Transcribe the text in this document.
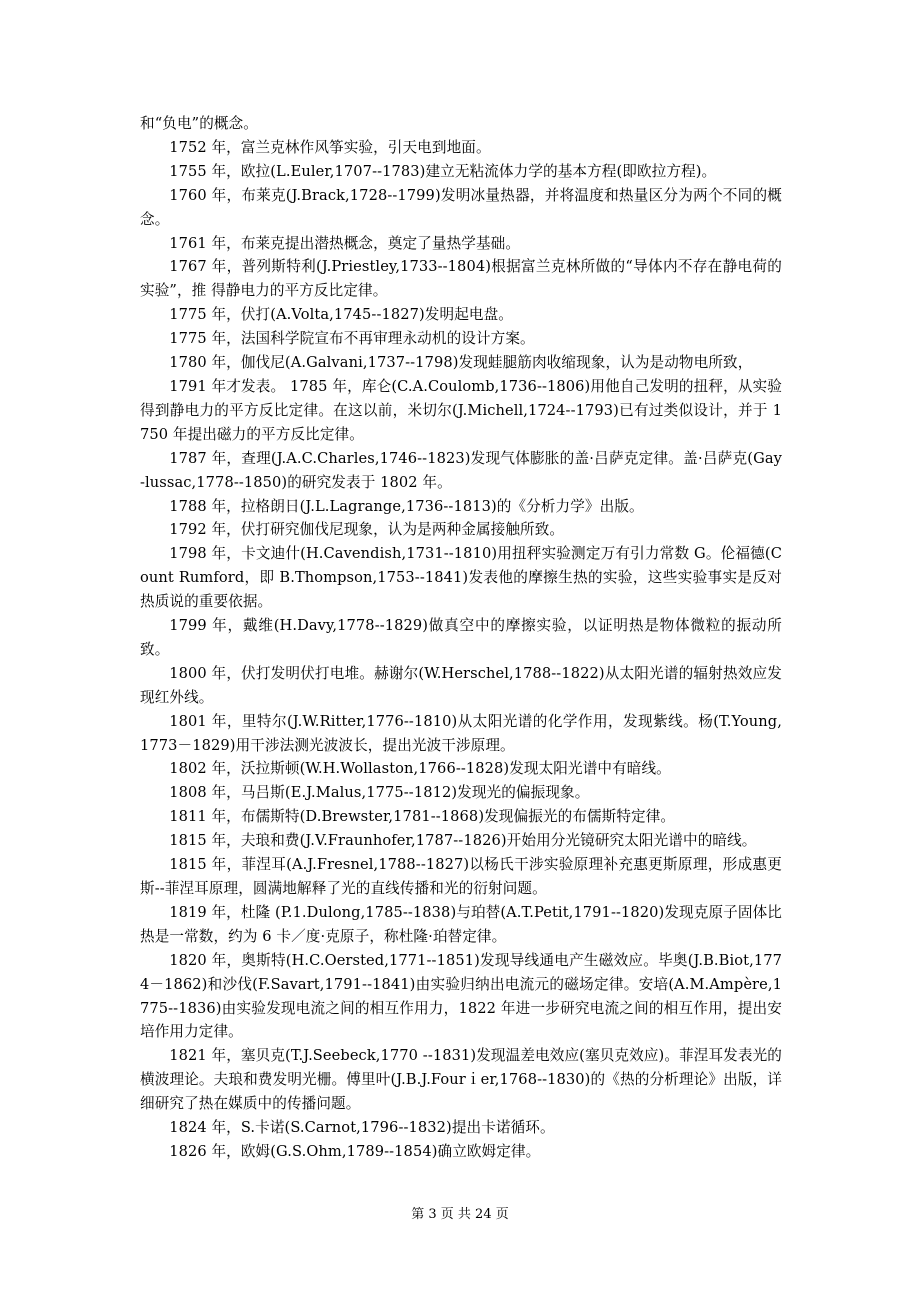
和“负电”的概念。

1752 年，富兰克林作风筝实验，引天电到地面。

1755 年，欧拉(L.Euler,1707--1783)建立无粘流体力学的基本方程(即欧拉方程)。

1760 年，布莱克(J.Brack,1728--1799)发明冰量热器，并将温度和热量区分为两个不同的概念。

1761 年，布莱克提出潜热概念，奠定了量热学基础。

1767 年，普列斯特利(J.Priestley,1733--1804)根据富兰克林所做的“导体内不存在静电荷的实验”，推 得静电力的平方反比定律。

1775 年，伏打(A.Volta,1745--1827)发明起电盘。

1775 年，法国科学院宣布不再审理永动机的设计方案。

1780 年，伽伐尼(A.Galvani,1737--1798)发现蛙腿筋肉收缩现象，认为是动物电所致，

1791 年才发表。 1785 年，库仑(C.A.Coulomb,1736--1806)用他自己发明的扭秤，从实验得到静电力的平方反比定律。在这以前，米切尔(J.Michell,1724--1793)已有过类似设计，并于 1750 年提出磁力的平方反比定律。

1787 年，查理(J.A.C.Charles,1746--1823)发现气体膨胀的盖·吕萨克定律。盖·吕萨克(Gay-lussac,1778--1850)的研究发表于 1802 年。

1788 年，拉格朗日(J.L.Lagrange,1736--1813)的《分析力学》出版。

1792 年，伏打研究伽伐尼现象，认为是两种金属接触所致。

1798 年，卡文迪什(H.Cavendish,1731--1810)用扭秤实验测定万有引力常数 G。伦福德(Count Rumford，即 B.Thompson,1753--1841)发表他的摩擦生热的实验，这些实验事实是反对热质说的重要依据。

1799 年，戴维(H.Davy,1778--1829)做真空中的摩擦实验，以证明热是物体微粒的振动所致。

1800 年，伏打发明伏打电堆。赫谢尔(W.Herschel,1788--1822)从太阳光谱的辐射热效应发现红外线。

1801 年，里特尔(J.W.Ritter,1776--1810)从太阳光谱的化学作用，发现紫线。杨(T.Young,1773－1829)用干涉法测光波波长，提出光波干涉原理。

1802 年，沃拉斯顿(W.H.Wollaston,1766--1828)发现太阳光谱中有暗线。

1808 年，马吕斯(E.J.Malus,1775--1812)发现光的偏振现象。

1811 年，布儒斯特(D.Brewster,1781--1868)发现偏振光的布儒斯特定律。

1815 年，夫琅和费(J.V.Fraunhofer,1787--1826)开始用分光镜研究太阳光谱中的暗线。

1815 年，菲涅耳(A.J.Fresnel,1788--1827)以杨氏干涉实验原理补充惠更斯原理，形成惠更斯--菲涅耳原理，圆满地解释了光的直线传播和光的衍射问题。

1819 年，杜隆 (P.1.Dulong,1785--1838)与珀替(A.T.Petit,1791--1820)发现克原子固体比热是一常数，约为 6 卡／度·克原子，称杜隆·珀替定律。

1820 年，奥斯特(H.C.Oersted,1771--1851)发现导线通电产生磁效应。毕奥(J.B.Biot,1774－1862)和沙伐(F.Savart,1791--1841)由实验归纳出电流元的磁场定律。安培(A.M.Ampère,1775--1836)由实验发现电流之间的相互作用力，1822 年进一步研究电流之间的相互作用，提出安培作用力定律。

1821 年，塞贝克(T.J.Seebeck,1770 --1831)发现温差电效应(塞贝克效应)。菲涅耳发表光的横波理论。夫琅和费发明光栅。傅里叶(J.B.J.Fourｉer,1768--1830)的《热的分析理论》出版，详细研究了热在媒质中的传播问题。

1824 年，S.卡诺(S.Carnot,1796--1832)提出卡诺循环。

1826 年，欧姆(G.S.Ohm,1789--1854)确立欧姆定律。

第 3 页 共 24 页
